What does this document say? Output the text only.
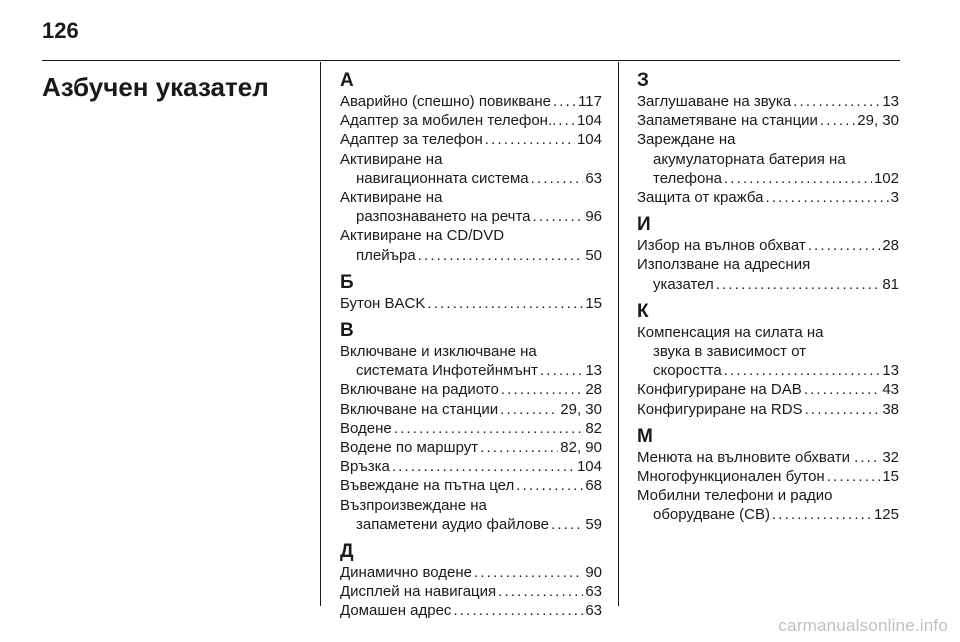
126
Азбучен указател	А
Аварийно (спешно) повикване . . . 117
Адаптер за мобилен телефон.. . . . 104
Адаптер за телефон . . .	104
Активиране на
навигационната система . . .	63
Активиране на
разпознаването на речта . . .	96
Активиране на CD/DVD
плейъра . . .	50
Б
Бутон BACK . . .	15
В
Включване и изключване на
системата Инфотейнмънт . . .	13
Включване на радиото . . .	28
Включване на станции . . .	29, 30
Водене . . .	82
Водене по маршрут . . .	82, 90
Връзка . . .	104
Въвеждане на пътна цел . . .	68
Възпроизвеждане на
запаметени аудио файлове . . . 59
Д
Динамично водене . . .	90
Дисплей на навигация . . .	63
Домашен адрес . . .	63
З
Заглушаване на звука . . .	13
Запаметяване на станции . . .	29, 30
Зареждане на
акумулаторната батерия на
телефона . . .	102
Защита от кражба . . .	3
И
Избор на вълнов обхват . . .	28
Използване на адресния
указател . . .	81
К
Компенсация на силата на
звука в зависимост от
скоростта . . .	13
Конфигуриране на DAB . . .	43
Конфигуриране на RDS . . .	38
М
Менюта на вълновите обхвати . . . . 32
Многофункционален бутон . . .	15
Мобилни телефони и радио
оборудване (CB) . . .	125
carmanualsonline.info
